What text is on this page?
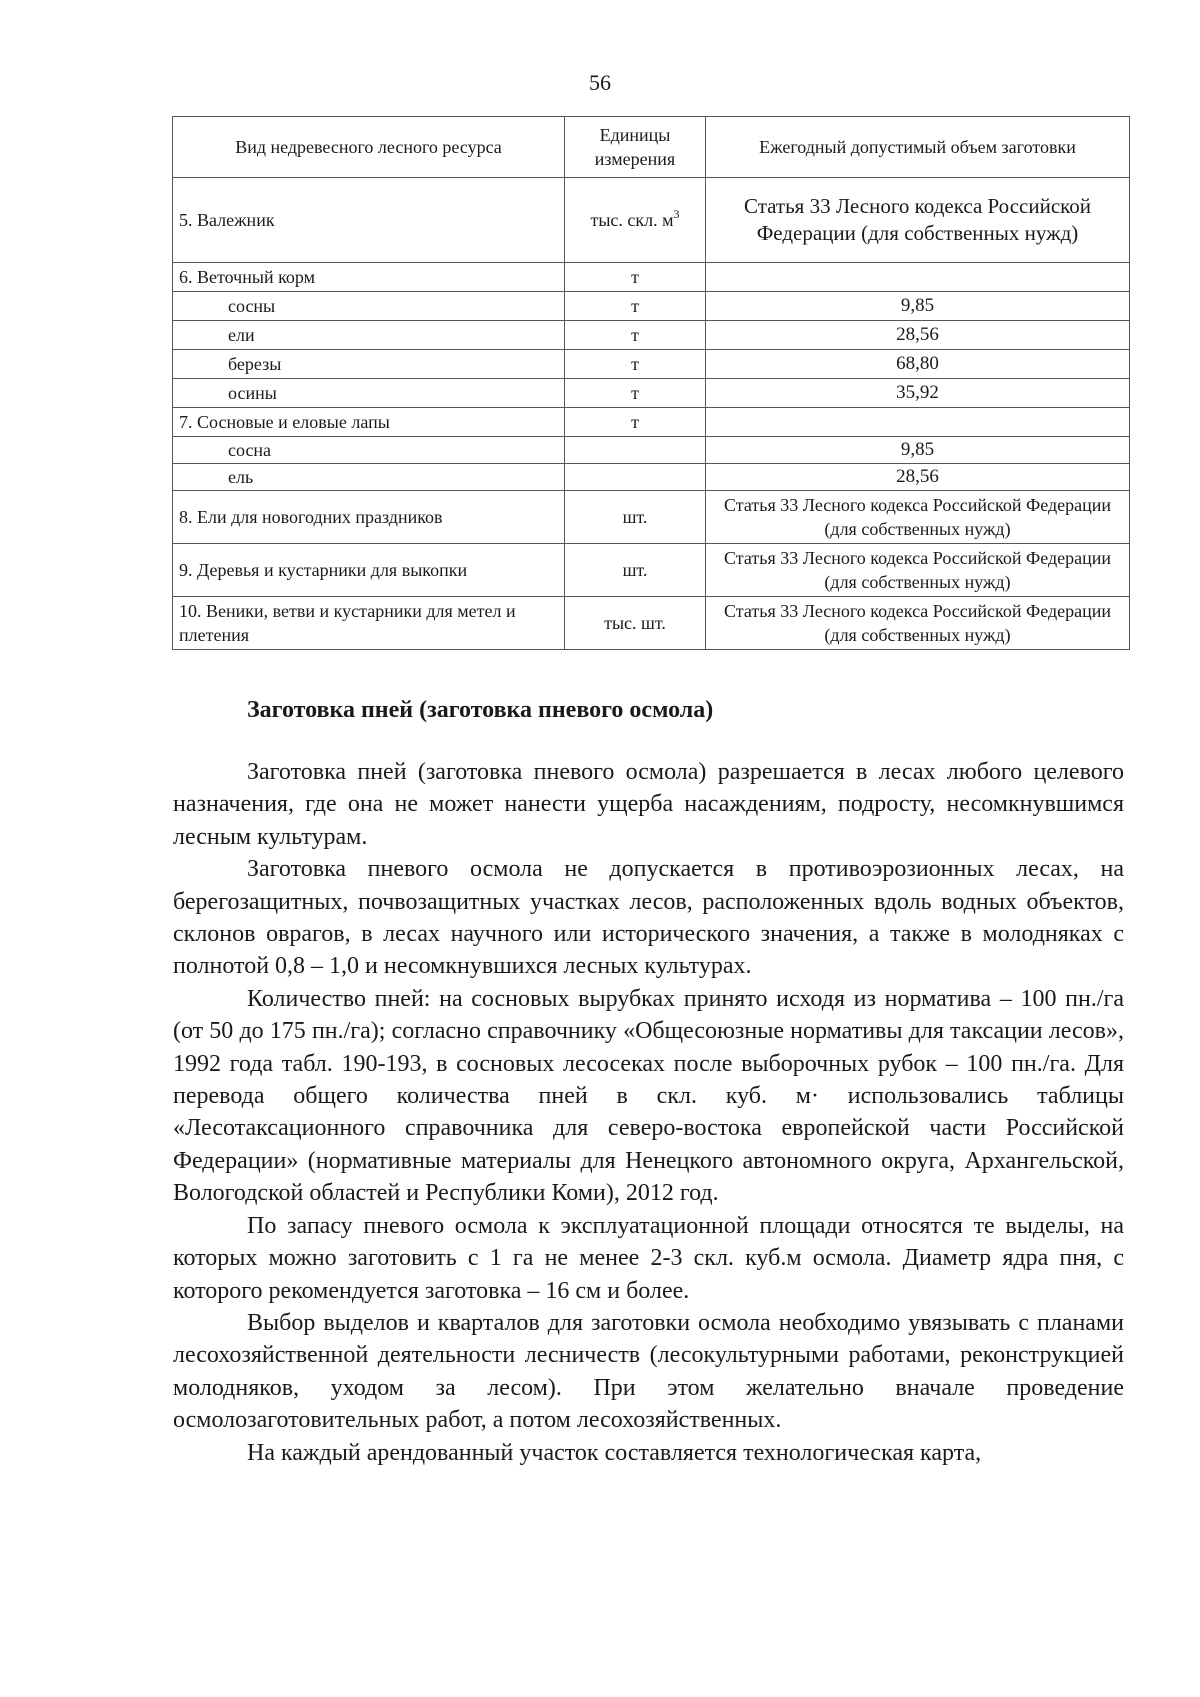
56
Вид недревесного лесного ресурса	Единицы измерения	Ежегодный допустимый объем заготовки
5. Валежник	тыс. скл. $м^3$	Статья 33 Лесного кодекса Российской Федерации (для собственных нужд)
6. Веточный корм	т	
сосны	т	9,85
ели	т	28,56
березы	т	68,80
осины	т	35,92
7. Сосновые и еловые лапы	т	
сосна		9,85
ель		28,56
8. Ели для новогодних праздников	шт.	Статья 33 Лесного кодекса Российской Федерации (для собственных нужд)
9. Деревья и кустарники для выкопки	шт.	Статья 33 Лесного кодекса Российской Федерации (для собственных нужд)
10. Веники, ветви и кустарники для метел и плетения	тыс. шт.	Статья 33 Лесного кодекса Российской Федерации (для собственных нужд)
Заготовка пней (заготовка пневого осмола)

Заготовка пней (заготовка пневого осмола) разрешается в лесах любого целевого назначения, где она не может нанести ущерба насаждениям, подросту, несомкнувшимся лесным культурам.

Заготовка пневого осмола не допускается в противоэрозионных лесах, на берегозащитных, почвозащитных участках лесов, расположенных вдоль водных объектов, склонов оврагов, в лесах научного или исторического значения, а также в молодняках с полнотой 0,8 – 1,0 и несомкнувшихся лесных культурах.

Количество пней: на сосновых вырубках принято исходя из норматива – 100 пн./га (от 50 до 175 пн./га); согласно справочнику «Общесоюзные нормативы для таксации лесов», 1992 года табл. 190-193, в сосновых лесосеках после выборочных рубок – 100 пн./га. Для перевода общего количества пней в скл. куб. м· использовались таблицы «Лесотаксационного справочника для северо-востока европейской части Российской Федерации» (нормативные материалы для Ненецкого автономного округа, Архангельской, Вологодской областей и Республики Коми), 2012 год.

По запасу пневого осмола к эксплуатационной площади относятся те выделы, на которых можно заготовить с 1 га не менее 2-3 скл. куб.м осмола. Диаметр ядра пня, с которого рекомендуется заготовка – 16 см и более.

Выбор выделов и кварталов для заготовки осмола необходимо увязывать с планами лесохозяйственной деятельности лесничеств (лесокультурными работами, реконструкцией молодняков, уходом за лесом). При этом желательно вначале проведение осмолозаготовительных работ, а потом лесохозяйственных.

На каждый арендованный участок составляется технологическая карта,
